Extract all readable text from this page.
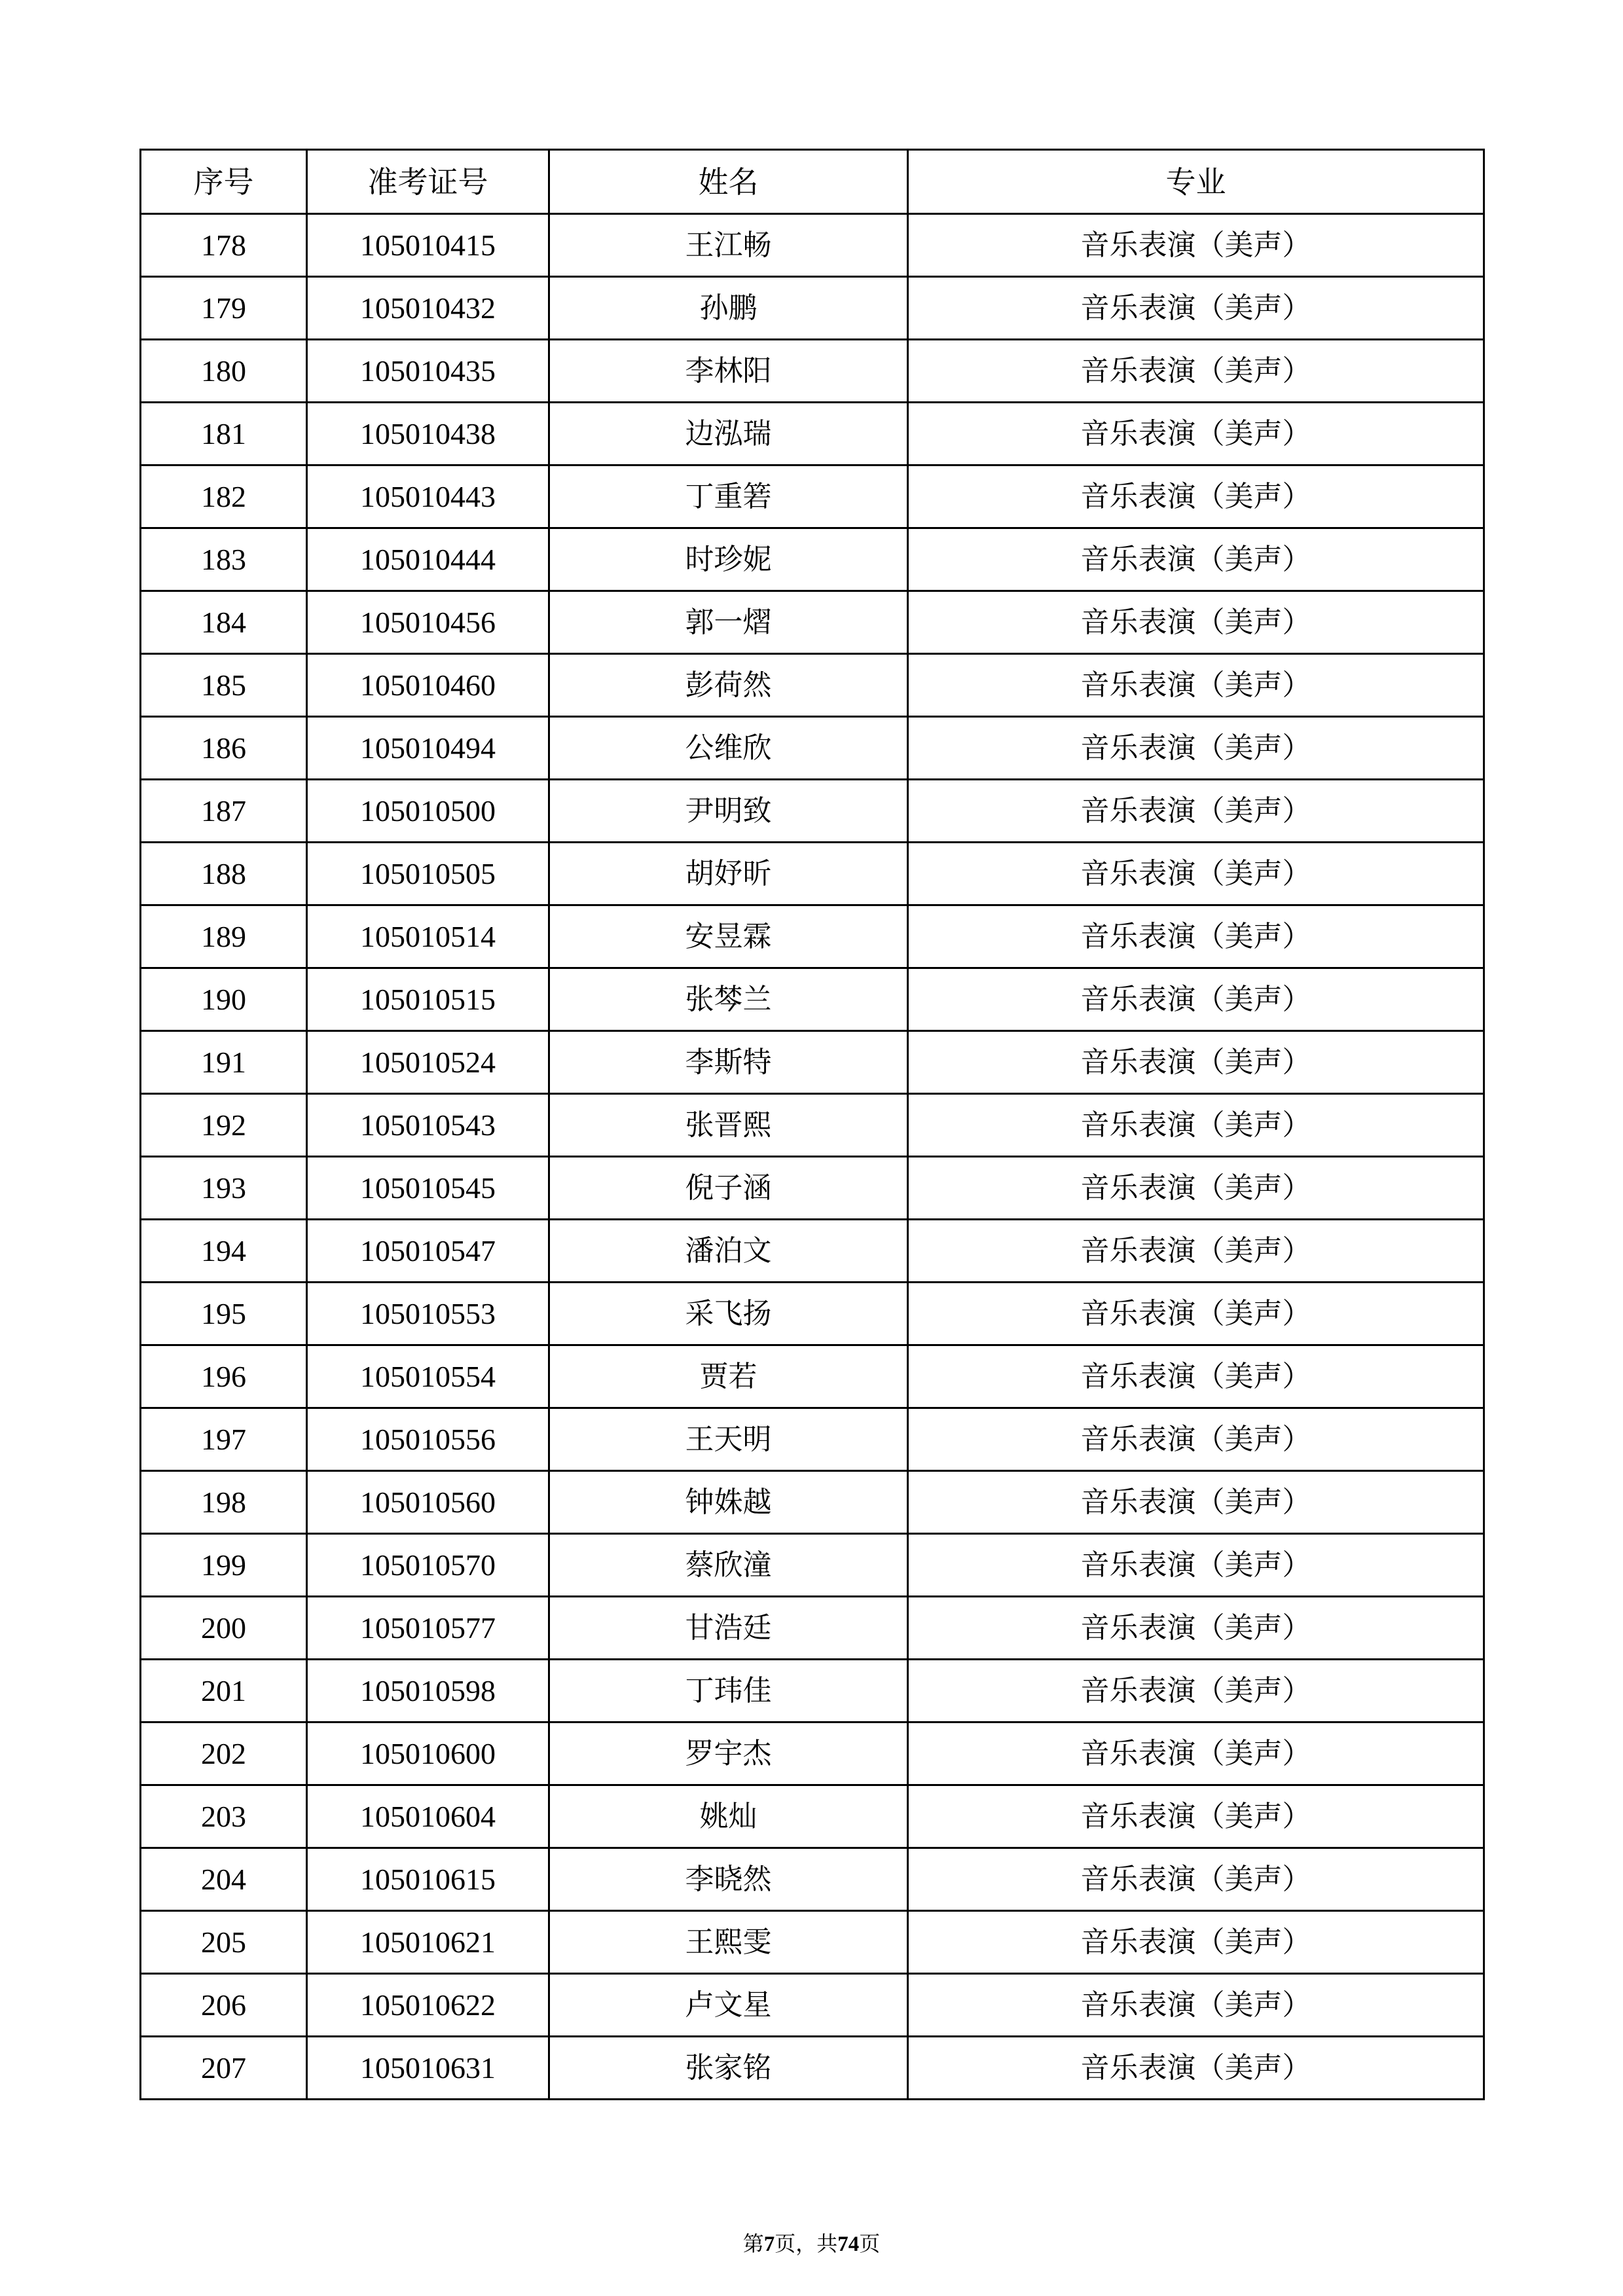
序号	准考证号	姓名	专业
178	105010415	王江畅	音乐表演（美声）
179	105010432	孙鹏	音乐表演（美声）
180	105010435	李林阳	音乐表演（美声）
181	105010438	边泓瑞	音乐表演（美声）
182	105010443	丁重箬	音乐表演（美声）
183	105010444	时珍妮	音乐表演（美声）
184	105010456	郭一熠	音乐表演（美声）
185	105010460	彭荷然	音乐表演（美声）
186	105010494	公维欣	音乐表演（美声）
187	105010500	尹明致	音乐表演（美声）
188	105010505	胡妤昕	音乐表演（美声）
189	105010514	安昱霖	音乐表演（美声）
190	105010515	张棽兰	音乐表演（美声）
191	105010524	李斯特	音乐表演（美声）
192	105010543	张晋熙	音乐表演（美声）
193	105010545	倪子涵	音乐表演（美声）
194	105010547	潘泊文	音乐表演（美声）
195	105010553	采飞扬	音乐表演（美声）
196	105010554	贾若	音乐表演（美声）
197	105010556	王天明	音乐表演（美声）
198	105010560	钟姝越	音乐表演（美声）
199	105010570	蔡欣潼	音乐表演（美声）
200	105010577	甘浩廷	音乐表演（美声）
201	105010598	丁玮佳	音乐表演（美声）
202	105010600	罗宇杰	音乐表演（美声）
203	105010604	姚灿	音乐表演（美声）
204	105010615	李晓然	音乐表演（美声）
205	105010621	王熙雯	音乐表演（美声）
206	105010622	卢文星	音乐表演（美声）
207	105010631	张家铭	音乐表演（美声）
第7页，共74页
